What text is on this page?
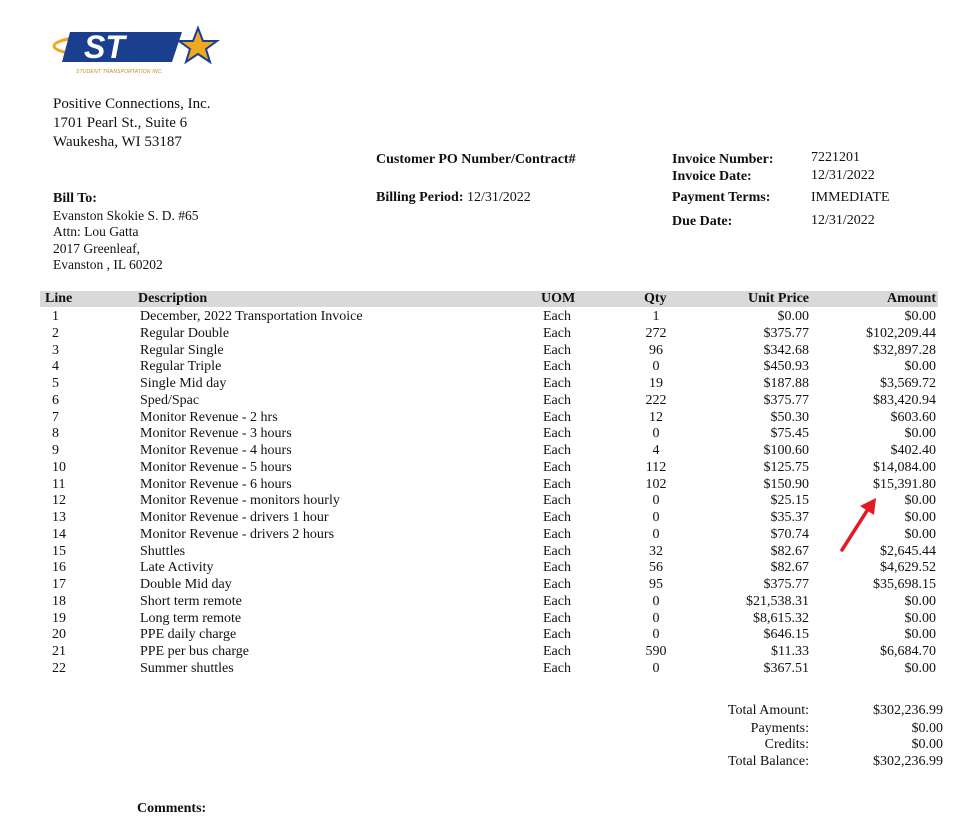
ST
STUDENT TRANSPORTATION INC.
Positive Connections, Inc.
1701 Pearl St., Suite 6
Waukesha, WI 53187
Customer PO Number/Contract#
Billing Period: 12/31/2022
Invoice Number:	7221201
Invoice Date:	12/31/2022
Payment Terms:	IMMEDIATE
Due Date:	12/31/2022
Bill To:
Evanston Skokie S. D. #65
Attn: Lou Gatta
2017 Greenleaf,
Evanston , IL 60202
Line	Description	UOM	Qty	Unit Price	Amount
1	December, 2022 Transportation Invoice	Each	1	$0.00	$0.00
2	Regular Double	Each	272	$375.77	$102,209.44
3	Regular Single	Each	96	$342.68	$32,897.28
4	Regular Triple	Each	0	$450.93	$0.00
5	Single Mid day	Each	19	$187.88	$3,569.72
6	Sped/Spac	Each	222	$375.77	$83,420.94
7	Monitor Revenue - 2 hrs	Each	12	$50.30	$603.60
8	Monitor Revenue - 3 hours	Each	0	$75.45	$0.00
9	Monitor Revenue - 4 hours	Each	4	$100.60	$402.40
10	Monitor Revenue - 5 hours	Each	112	$125.75	$14,084.00
11	Monitor Revenue - 6 hours	Each	102	$150.90	$15,391.80
12	Monitor Revenue - monitors hourly	Each	0	$25.15	$0.00
13	Monitor Revenue - drivers 1 hour	Each	0	$35.37	$0.00
14	Monitor Revenue - drivers 2 hours	Each	0	$70.74	$0.00
15	Shuttles	Each	32	$82.67	$2,645.44
16	Late Activity	Each	56	$82.67	$4,629.52
17	Double Mid day	Each	95	$375.77	$35,698.15
18	Short term remote	Each	0	$21,538.31	$0.00
19	Long term remote	Each	0	$8,615.32	$0.00
20	PPE daily charge	Each	0	$646.15	$0.00
21	PPE per bus charge	Each	590	$11.33	$6,684.70
22	Summer shuttles	Each	0	$367.51	$0.00
Total Amount:	$302,236.99
Payments:	$0.00
Credits:	$0.00
Total Balance:	$302,236.99
Comments:
